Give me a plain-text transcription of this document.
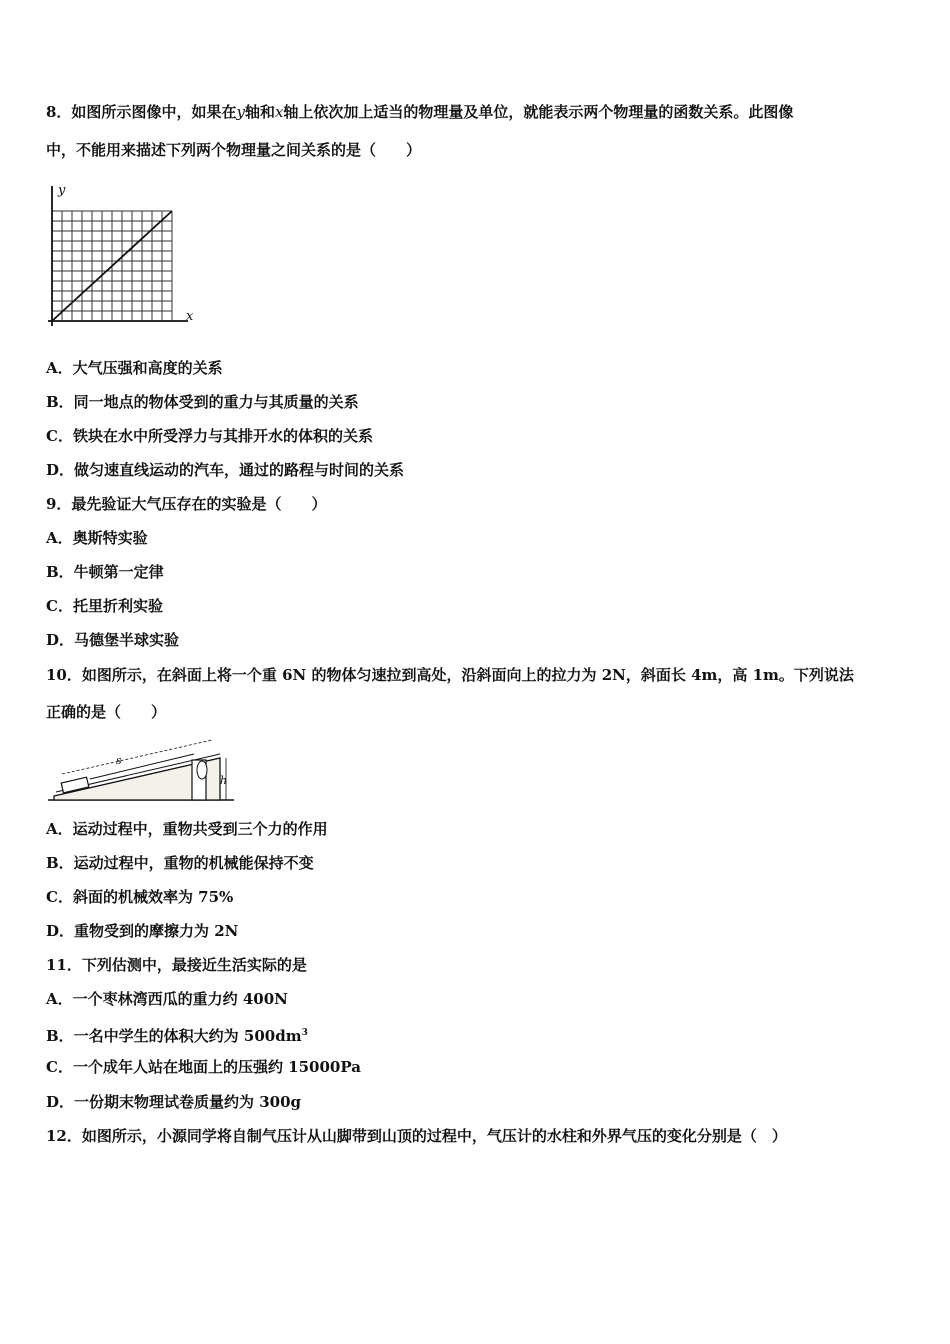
8．如图所示图像中，如果在y轴和x轴上依次加上适当的物理量及单位，就能表示两个物理量的函数关系。此图像
中，不能用来描述下列两个物理量之间关系的是（　　）
y
x
A．大气压强和高度的关系
B．同一地点的物体受到的重力与其质量的关系
C．铁块在水中所受浮力与其排开水的体积的关系
D．做匀速直线运动的汽车，通过的路程与时间的关系
9．最先验证大气压存在的实验是（　　）
A．奥斯特实验
B．牛顿第一定律
C．托里折利实验
D．马德堡半球实验
10．如图所示，在斜面上将一个重 6N 的物体匀速拉到高处，沿斜面向上的拉力为 2N，斜面长 4m，高 1m。下列说法
正确的是（　　）
s
h
A．运动过程中，重物共受到三个力的作用
B．运动过程中，重物的机械能保持不变
C．斜面的机械效率为 75%
D．重物受到的摩擦力为 2N
11．下列估测中，最接近生活实际的是
A．一个枣林湾西瓜的重力约 400N
B．一名中学生的体积大约为 $500dm^3$
C．一个成年人站在地面上的压强约 15000Pa
D．一份期末物理试卷质量约为 300g
12．如图所示，小源同学将自制气压计从山脚带到山顶的过程中，气压计的水柱和外界气压的变化分别是（　）
